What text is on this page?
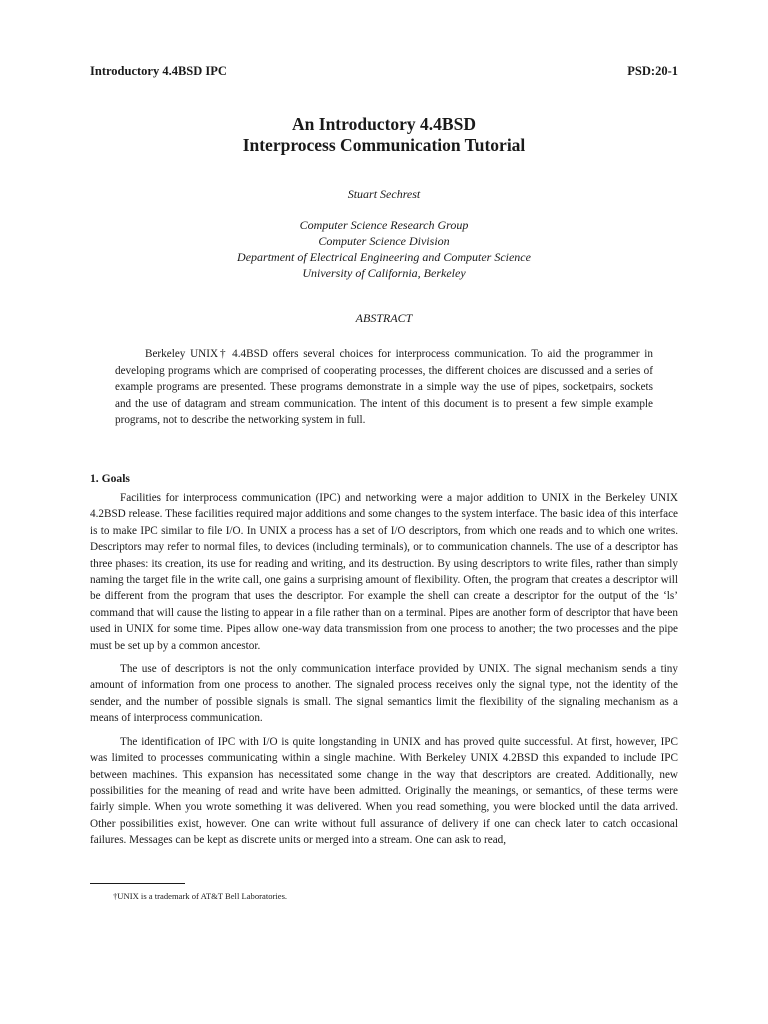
Introductory 4.4BSD IPC	PSD:20-1
An Introductory 4.4BSD
Interprocess Communication Tutorial
Stuart Sechrest
Computer Science Research Group
Computer Science Division
Department of Electrical Engineering and Computer Science
University of California, Berkeley
ABSTRACT

Berkeley UNIX† 4.4BSD offers several choices for interprocess communication. To aid the programmer in developing programs which are comprised of cooperating processes, the different choices are discussed and a series of example programs are presented. These programs demonstrate in a simple way the use of pipes, socketpairs, sockets and the use of datagram and stream communication. The intent of this document is to present a few simple example programs, not to describe the networking system in full.

1. Goals

Facilities for interprocess communication (IPC) and networking were a major addition to UNIX in the Berkeley UNIX 4.2BSD release. These facilities required major additions and some changes to the system interface. The basic idea of this interface is to make IPC similar to file I/O. In UNIX a process has a set of I/O descriptors, from which one reads and to which one writes. Descriptors may refer to normal files, to devices (including terminals), or to communication channels. The use of a descriptor has three phases: its creation, its use for reading and writing, and its destruction. By using descriptors to write files, rather than simply naming the target file in the write call, one gains a surprising amount of flexibility. Often, the program that creates a descriptor will be different from the program that uses the descriptor. For example the shell can create a descriptor for the output of the ‘ls’ command that will cause the listing to appear in a file rather than on a terminal. Pipes are another form of descriptor that have been used in UNIX for some time. Pipes allow one-way data transmission from one process to another; the two processes and the pipe must be set up by a common ancestor.

The use of descriptors is not the only communication interface provided by UNIX. The signal mechanism sends a tiny amount of information from one process to another. The signaled process receives only the signal type, not the identity of the sender, and the number of possible signals is small. The signal semantics limit the flexibility of the signaling mechanism as a means of interprocess communication.

The identification of IPC with I/O is quite longstanding in UNIX and has proved quite successful. At first, however, IPC was limited to processes communicating within a single machine. With Berkeley UNIX 4.2BSD this expanded to include IPC between machines. This expansion has necessitated some change in the way that descriptors are created. Additionally, new possibilities for the meaning of read and write have been admitted. Originally the meanings, or semantics, of these terms were fairly simple. When you wrote something it was delivered. When you read something, you were blocked until the data arrived. Other possibilities exist, however. One can write without full assurance of delivery if one can check later to catch occasional failures. Messages can be kept as discrete units or merged into a stream. One can ask to read,

†UNIX is a trademark of AT&T Bell Laboratories.
